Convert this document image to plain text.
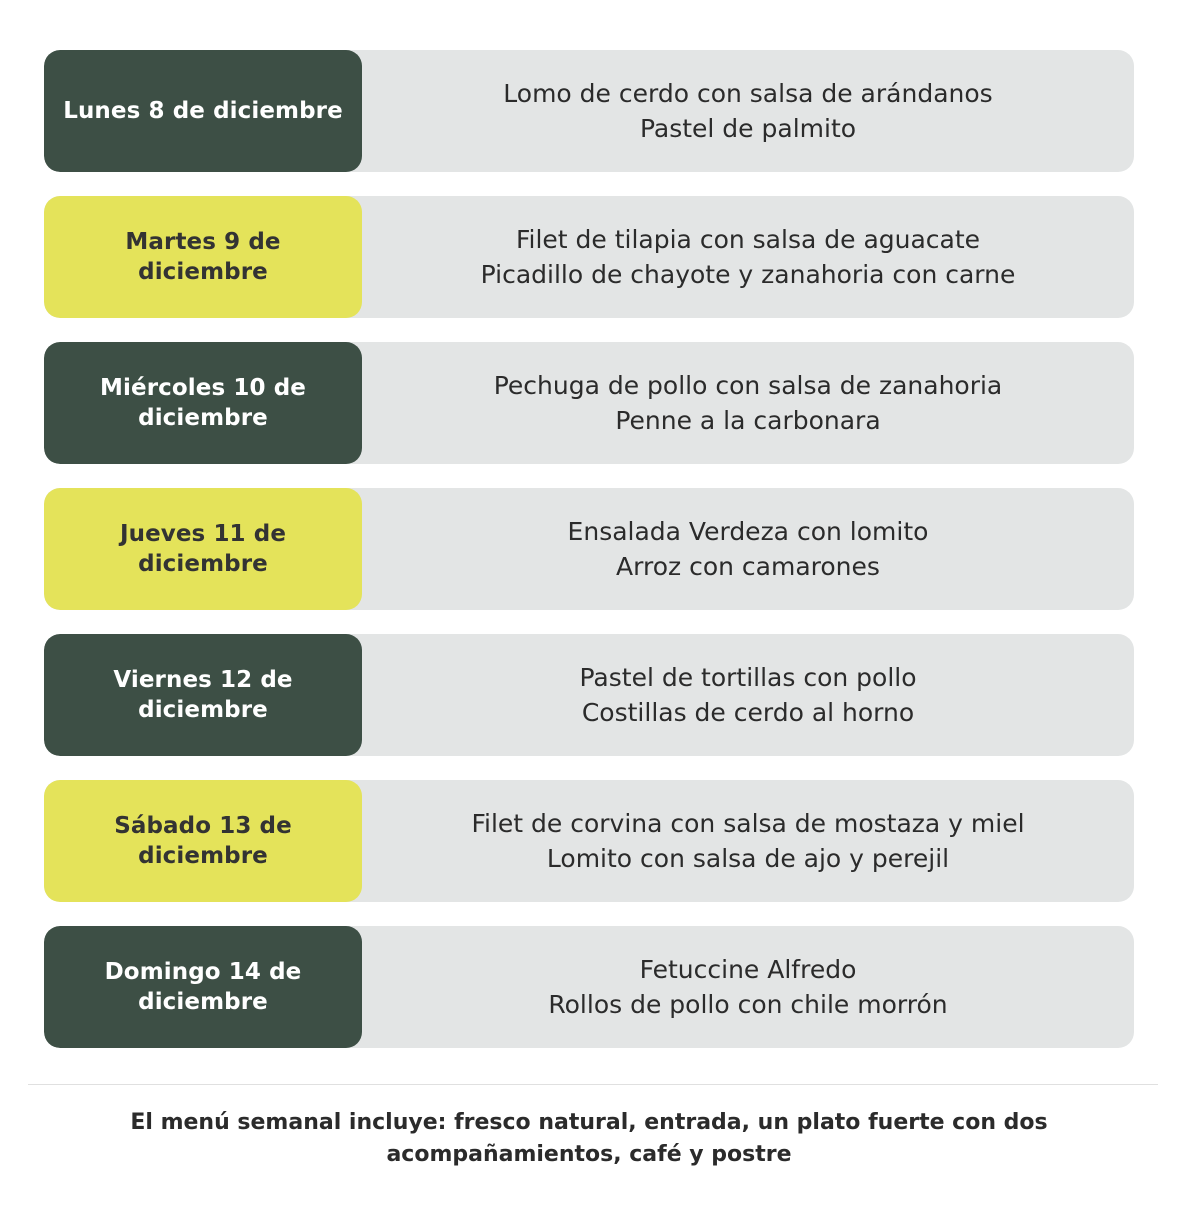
Lunes 8 de diciembre
Lomo de cerdo con salsa de arándanos
Pastel de palmito
Martes 9 de diciembre
Filet de tilapia con salsa de aguacate
Picadillo de chayote y zanahoria con carne
Miércoles 10 de diciembre
Pechuga de pollo con salsa de zanahoria
Penne a la carbonara
Jueves 11 de diciembre
Ensalada Verdeza con lomito
Arroz con camarones
Viernes 12 de diciembre
Pastel de tortillas con pollo
Costillas de cerdo al horno
Sábado 13 de diciembre
Filet de corvina con salsa de mostaza y miel
Lomito con salsa de ajo y perejil
Domingo 14 de diciembre
Fetuccine Alfredo
Rollos de pollo con chile morrón
El menú semanal incluye: fresco natural, entrada, un plato fuerte con dos acompañamientos, café y postre
